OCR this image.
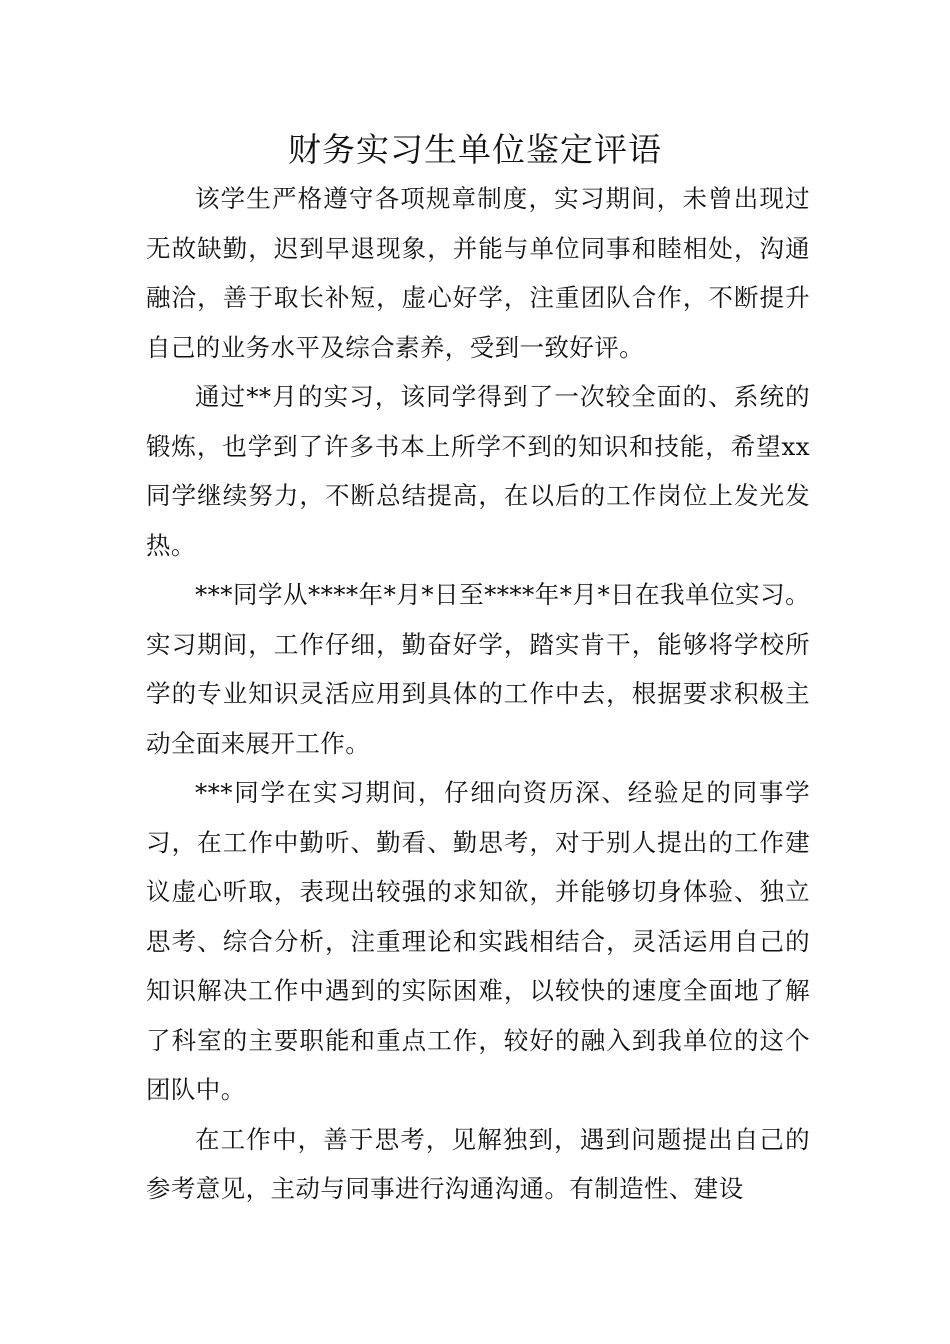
财务实习生单位鉴定评语

该学生严格遵守各项规章制度，实习期间，未曾出现过无故缺勤，迟到早退现象，并能与单位同事和睦相处，沟通融洽，善于取长补短，虚心好学，注重团队合作，不断提升自己的业务水平及综合素养，受到一致好评。

通过**月的实习，该同学得到了一次较全面的、系统的锻炼，也学到了许多书本上所学不到的知识和技能，希望xx同学继续努力，不断总结提高，在以后的工作岗位上发光发热。

***同学从****年*月*日至****年*月*日在我单位实习。实习期间，工作仔细，勤奋好学，踏实肯干，能够将学校所学的专业知识灵活应用到具体的工作中去，根据要求积极主动全面来展开工作。

***同学在实习期间，仔细向资历深、经验足的同事学习，在工作中勤听、勤看、勤思考，对于别人提出的工作建议虚心听取，表现出较强的求知欲，并能够切身体验、独立思考、综合分析，注重理论和实践相结合，灵活运用自己的知识解决工作中遇到的实际困难，以较快的速度全面地了解了科室的主要职能和重点工作，较好的融入到我单位的这个团队中。

在工作中，善于思考，见解独到，遇到问题提出自己的参考意见，主动与同事进行沟通沟通。有制造性、建设
